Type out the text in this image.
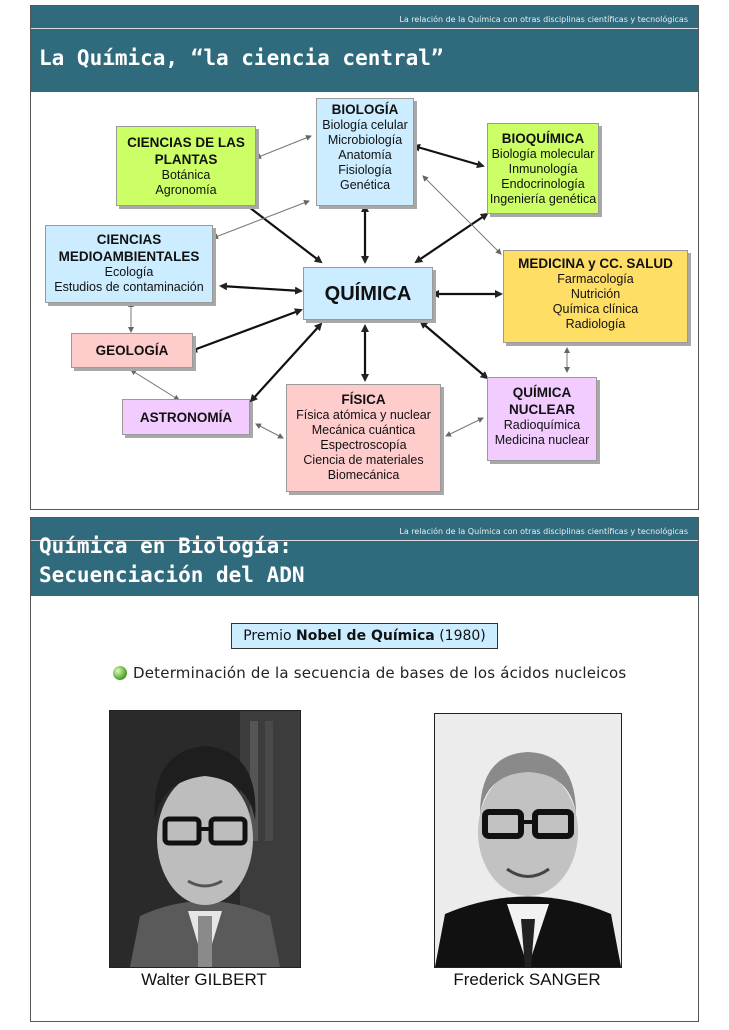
La relación de la Química con otras disciplinas científicas y tecnológicas
La Química, “la ciencia central”
BIOLOGÍA
Biología celular
Microbiología
Anatomía
Fisiología
Genética
CIENCIAS DE LAS
PLANTAS
Botánica
Agronomía
BIOQUÍMICA
Biología molecular
Inmunología
Endocrinología
Ingeniería genética
CIENCIAS
MEDIOAMBIENTALES
Ecología
Estudios de contaminación	QUÍMICA
MEDICINA y CC. SALUD
Farmacología
Nutrición
Química clínica
Radiología
GEOLOGÍA
ASTRONOMÍA
FÍSICA
Física atómica y nuclear
Mecánica cuántica
Espectroscopía
Ciencia de materiales
Biomecánica
QUÍMICA
NUCLEAR
Radioquímica
Medicina nuclear
La relación de la Química con otras disciplinas científicas y tecnológicas
Química en Biología:
Secuenciación del ADN
Premio Nobel de Química (1980)
Determinación de la secuencia de bases de los ácidos nucleicos
Walter GILBERT	Frederick SANGER
